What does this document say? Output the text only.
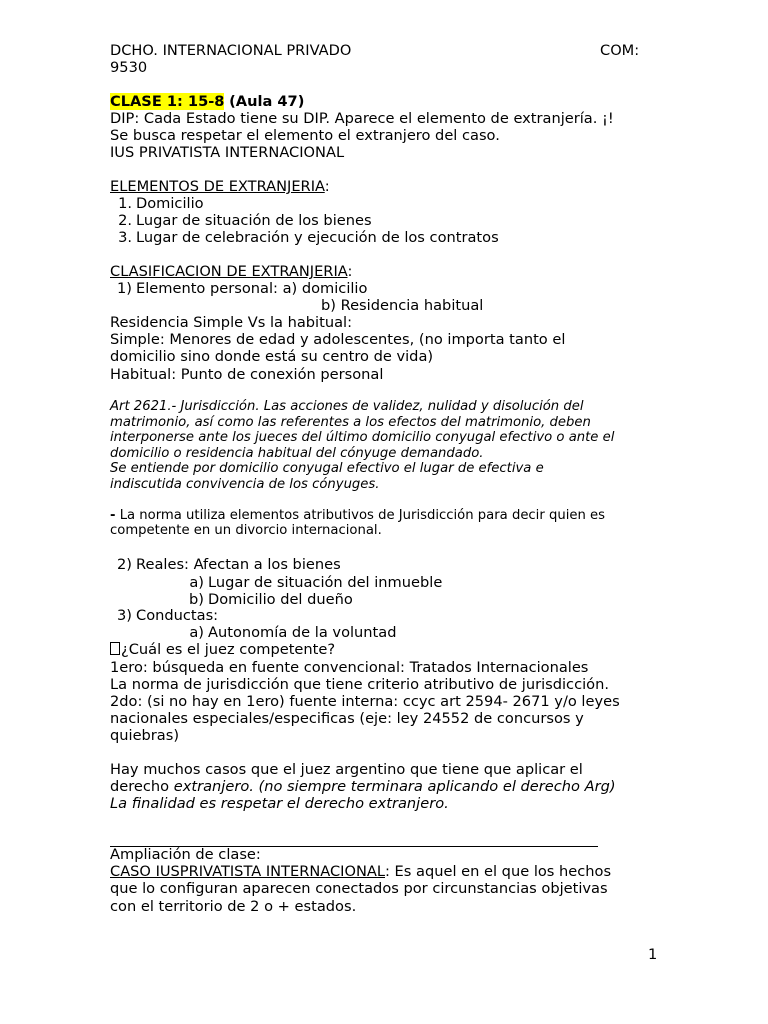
DCHO. INTERNACIONAL PRIVADO	COM:
9530
CLASE 1: 15-8 (Aula 47)
DIP: Cada Estado tiene su DIP. Aparece el elemento de extranjería. ¡!
Se busca respetar el elemento el extranjero del caso.
IUS PRIVATISTA INTERNACIONAL
ELEMENTOS DE EXTRANJERIA:
1. Domicilio
2. Lugar de situación de los bienes
3. Lugar de celebración y ejecución de los contratos
CLASIFICACION DE EXTRANJERIA:
1) Elemento personal: a) domicilio
b) Residencia habitual
Residencia Simple Vs la habitual:
Simple: Menores de edad y adolescentes, (no importa tanto el
domicilio sino donde está su centro de vida)
Habitual: Punto de conexión personal
Art 2621.- Jurisdicción. Las acciones de validez, nulidad y disolución del
matrimonio, así como las referentes a los efectos del matrimonio, deben
interponerse ante los jueces del último domicilio conyugal efectivo o ante el
domicilio o residencia habitual del cónyuge demandado.
Se entiende por domicilio conyugal efectivo el lugar de efectiva e
indiscutida convivencia de los cónyuges.
- La norma utiliza elementos atributivos de Jurisdicción para decir quien es
competente en un divorcio internacional.
2) Reales: Afectan a los bienes
a) Lugar de situación del inmueble
b) Domicilio del dueño
3) Conductas:
a) Autonomía de la voluntad
¿Cuál es el juez competente?
1ero: búsqueda en fuente convencional: Tratados Internacionales
La norma de jurisdicción que tiene criterio atributivo de jurisdicción.
2do: (si no hay en 1ero) fuente interna: ccyc art 2594- 2671 y/o leyes
nacionales especiales/especificas (eje: ley 24552 de concursos y
quiebras)
Hay muchos casos que el juez argentino que tiene que aplicar el
derecho extranjero. (no siempre terminara aplicando el derecho Arg)
La finalidad es respetar el derecho extranjero.
Ampliación de clase:
CASO IUSPRIVATISTA INTERNACIONAL: Es aquel en el que los hechos
que lo configuran aparecen conectados por circunstancias objetivas
con el territorio de 2 o + estados.
1
